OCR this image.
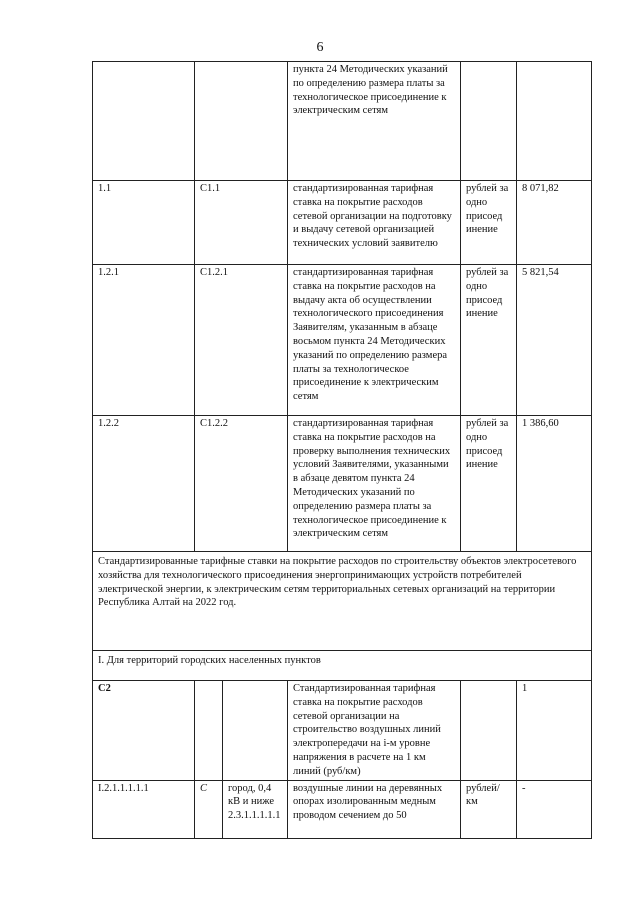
6
			пункта 24 Методических указаний по определению размера платы за технологическое присоединение к электрическим сетям		
1.1	С1.1		стандартизированная тарифная ставка на покрытие расходов сетевой организации на подготовку и выдачу сетевой организацией технических условий заявителю	рублей за одно присоед инение	8 071,82
1.2.1	С1.2.1		стандартизированная тарифная ставка на покрытие расходов на выдачу акта об осуществлении технологического присоединения Заявителям, указанным в абзаце восьмом пункта 24 Методических указаний по определению размера платы за технологическое присоединение к электрическим сетям	рублей за одно присоед инение	5 821,54
1.2.2	С1.2.2		стандартизированная тарифная ставка на покрытие расходов на проверку выполнения технических условий Заявителями, указанными в абзаце девятом пункта 24 Методических указаний по определению размера платы за технологическое присоединение к электрическим сетям	рублей за одно присоед инение	1 386,60
Стандартизированные тарифные ставки на покрытие расходов по строительству объектов электросетевого хозяйства для технологического присоединения энергопринимающих устройств потребителей электрической энергии, к электрическим сетям территориальных сетевых организаций на территории Республика Алтай на 2022 год.					
I. Для территорий городских населенных пунктов					
С2			Стандартизированная тарифная ставка на покрытие расходов сетевой организации на строительство воздушных линий электропередачи на i-м уровне напряжения в расчете на 1 км линий (руб/км)		1
I.2.1.1.1.1.1	С	город, 0,4 кВ и ниже 2.3.1.1.1.1.1	воздушные линии на деревянных опорах изолированным медным проводом сечением до 50	рублей/ км	-
